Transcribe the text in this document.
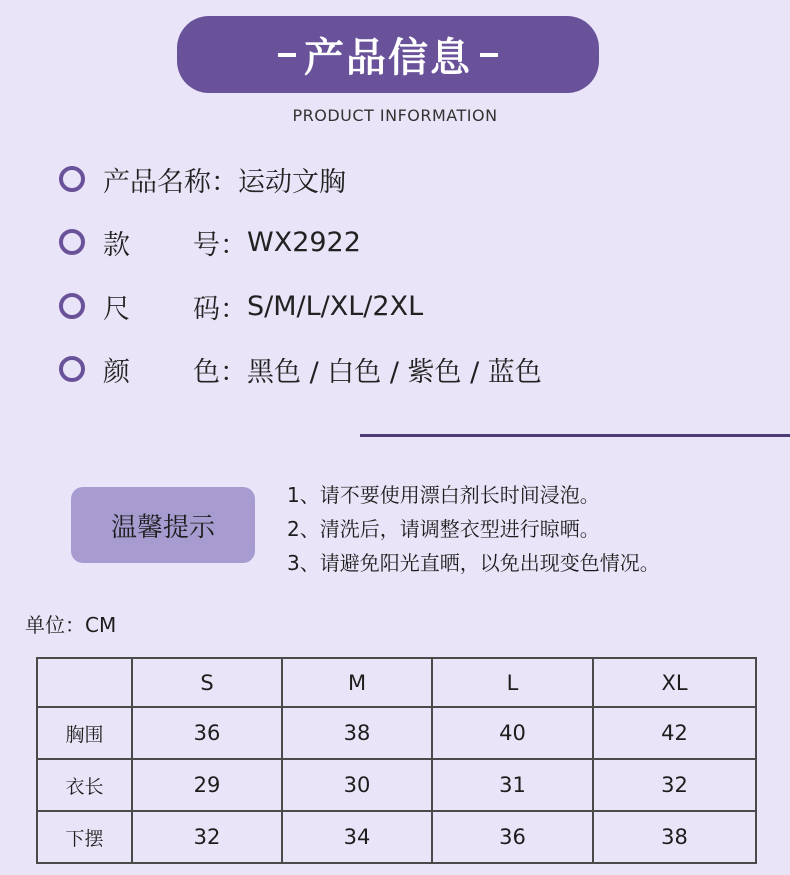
产品信息
PRODUCT INFORMATION
产品名称： 运动文胸
款	号： WX2922
尺	码： S/M/L/XL/2XL
颜	色： 黑色 / 白色 / 紫色 / 蓝色
温馨提示
1、请不要使用漂白剂长时间浸泡。
2、清洗后，请调整衣型进行晾晒。
3、请避免阳光直晒，以免出现变色情况。
单位：CM
	S	M	L	XL
胸围	36	38	40	42
衣长	29	30	31	32
下摆	32	34	36	38
